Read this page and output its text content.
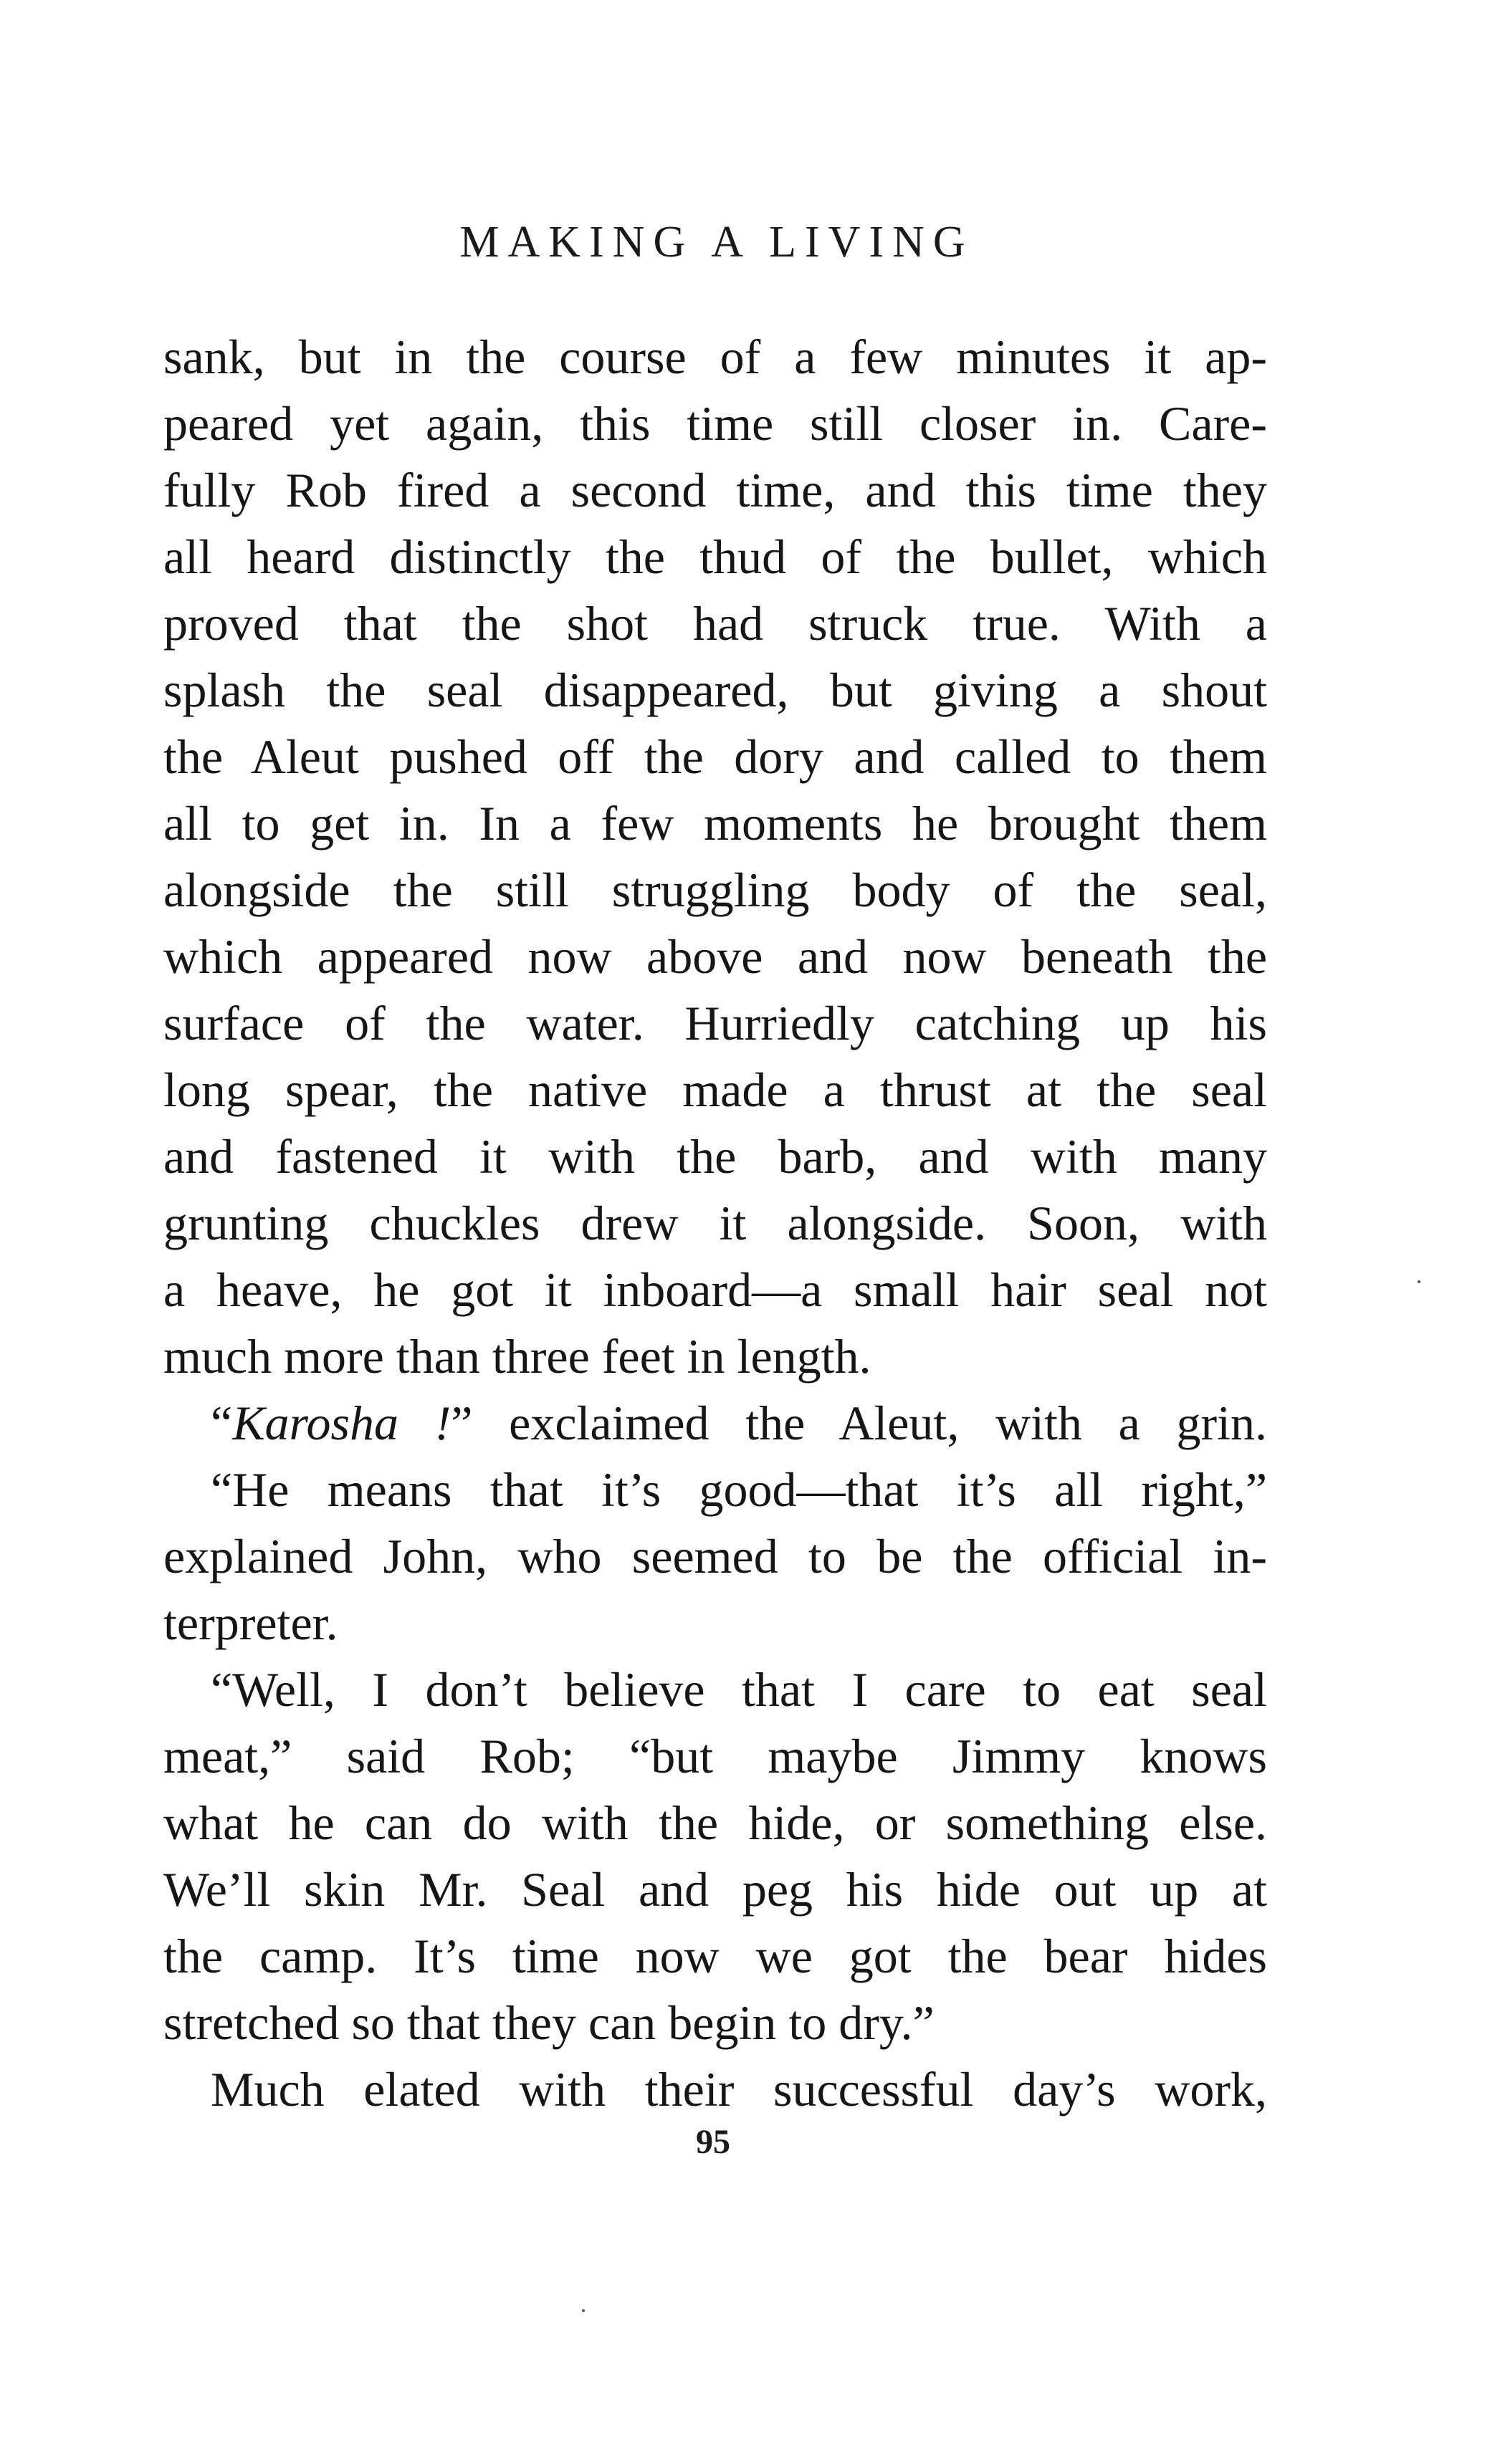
MAKING A LIVING
sank, but in the course of a few minutes it ap-
peared yet again, this time still closer in. Care-
fully Rob fired a second time, and this time they
all heard distinctly the thud of the bullet, which
proved that the shot had struck true. With a
splash the seal disappeared, but giving a shout
the Aleut pushed off the dory and called to them
all to get in. In a few moments he brought them
alongside the still struggling body of the seal,
which appeared now above and now beneath the
surface of the water. Hurriedly catching up his
long spear, the native made a thrust at the seal
and fastened it with the barb, and with many
grunting chuckles drew it alongside. Soon, with
a heave, he got it inboard—a small hair seal not
much more than three feet in length.
“Karosha !” exclaimed the Aleut, with a grin.
“He means that it’s good—that it’s all right,”
explained John, who seemed to be the official in-
terpreter.
“Well, I don’t believe that I care to eat seal
meat,” said Rob; “but maybe Jimmy knows
what he can do with the hide, or something else.
We’ll skin Mr. Seal and peg his hide out up at
the camp. It’s time now we got the bear hides
stretched so that they can begin to dry.”
Much elated with their successful day’s work,
95
